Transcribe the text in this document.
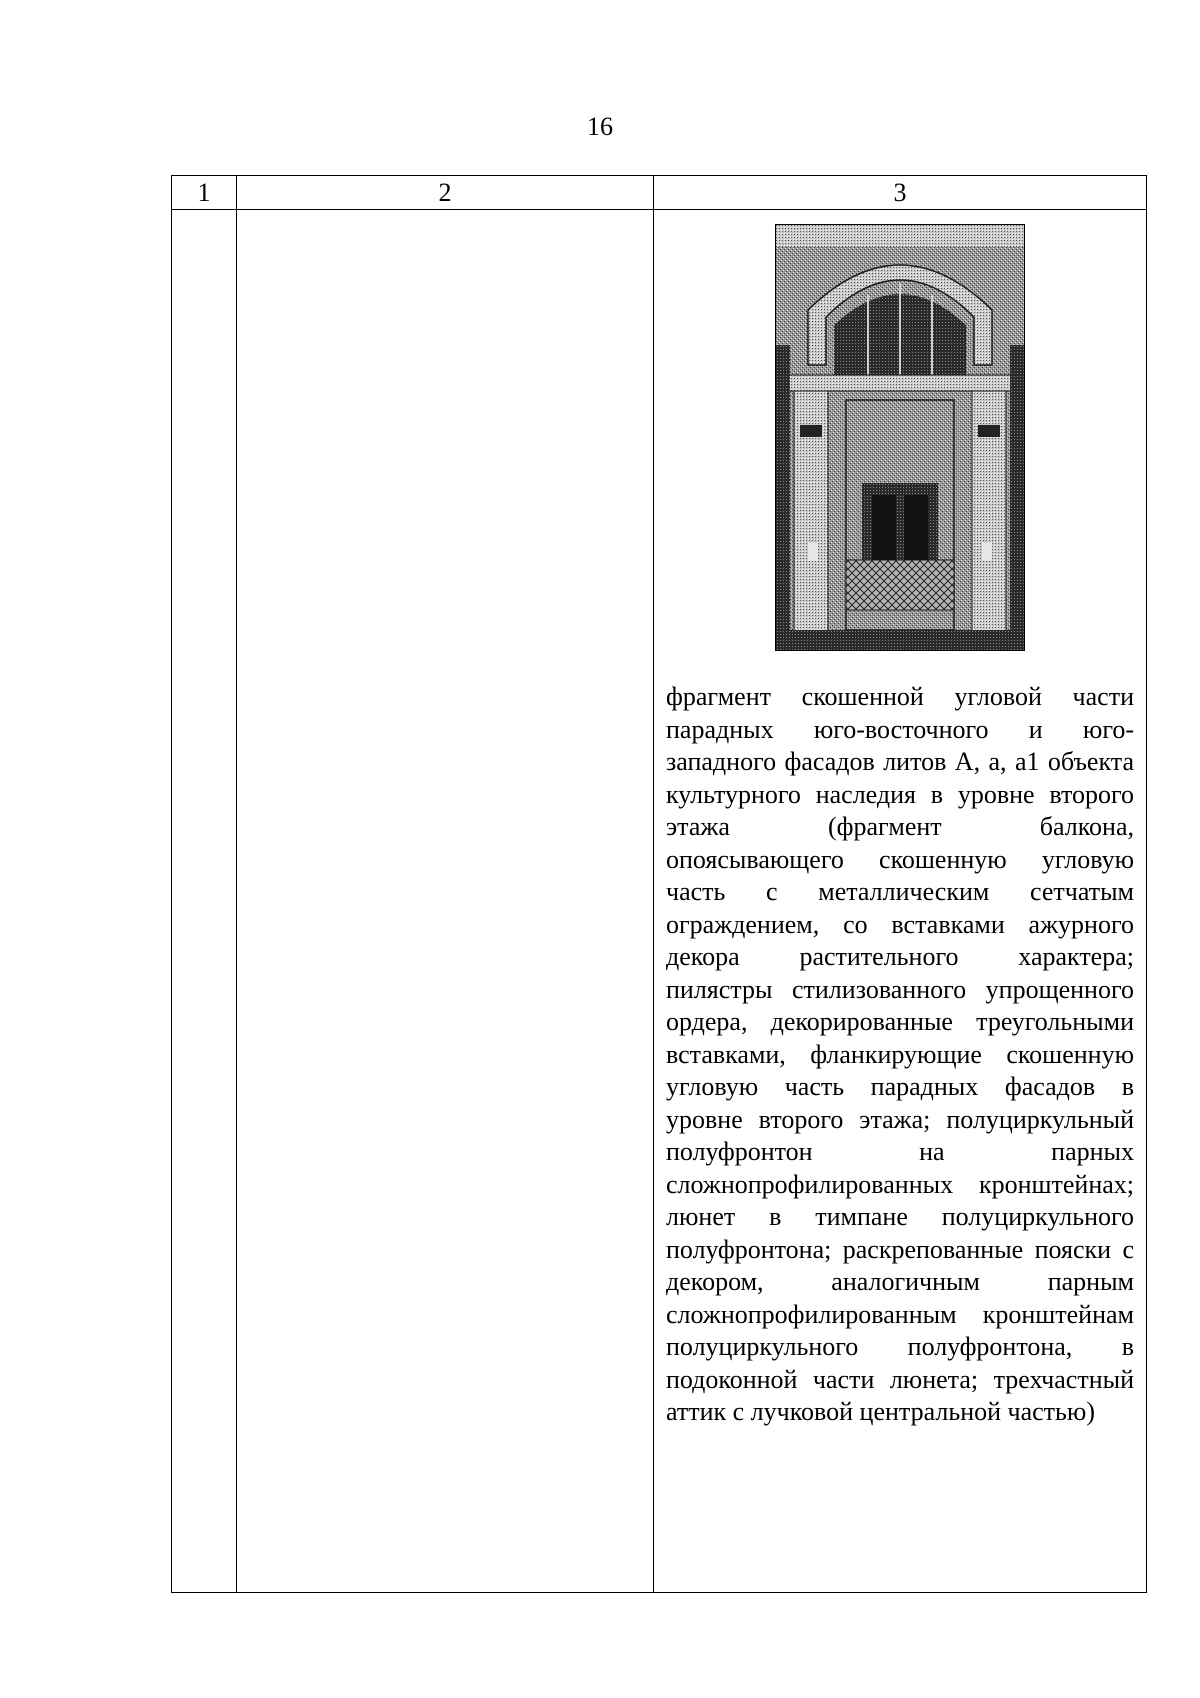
16
1	2	3

		фрагмент скошенной угловой части парадных юго-восточного и юго-западного фасадов литов А, а, а1 объекта культурного наследия в уровне второго этажа (фрагмент балкона, опоясывающего скошенную угловую часть с металлическим сетчатым ограждением, со вставками ажурного декора растительного характера; пилястры стилизованного упрощенного ордера, декорированные треугольными вставками, фланкирующие скошенную угловую часть парадных фасадов в уровне второго этажа; полуциркульный полуфронтон на парных сложнопрофилированных кронштейнах; люнет в тимпане полуциркульного полуфронтона; раскрепованные пояски с декором, аналогичным парным сложнопрофилированным кронштейнам полуциркульного полуфронтона, в подоконной части люнета; трехчастный аттик с лучковой центральной частью)
